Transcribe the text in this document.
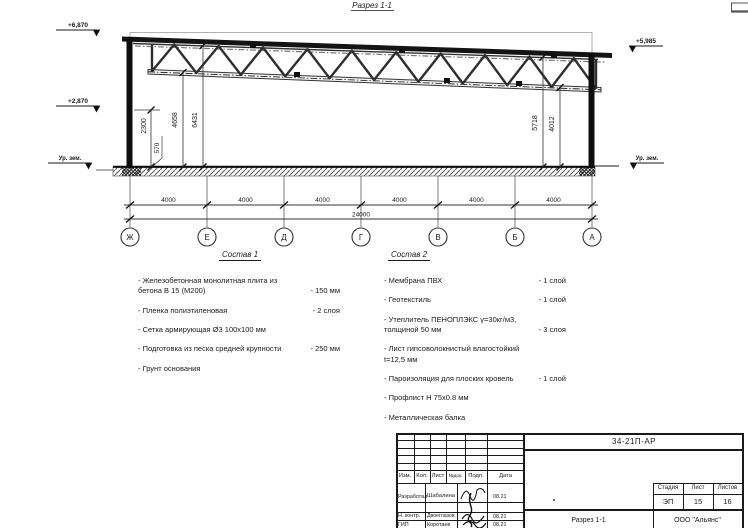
Разрез 1-1
+6,870
+2,870
Ур. зем.
+5,985
Ур. зем.
2300
570
4658 6431	5718 4012
4000	4000	4000	4000	4000	4000
24000
Ж	Е	Д	Г	В	Б	А
Состав 1
- Железобетонная монолитная плита из бетона В 15 (М200)	- 150 мм
- Пленка полиэтиленовая	- 2 слоя
- Сетка армирующая Ø3 100х100 мм
- Подготовка из песка средней крупности	- 250 мм
- Грунт основания
Состав 2
- Мембрана ПВХ	- 1 слой
- Геотекстиль	- 1 слой
- Утеплитель ПЕНОПЛЭКС γ=30кг/м3, толщиной 50 мм	- 3 слоя
- Лист гипсоволокнистый влагостойкий t=12,5 мм
- Пароизоляция для плоских кровель	- 1 слой
- Профлист Н 75х0.8 мм
- Металлическая балка
Изм. Кол. Лист №док. Подп.	Дата
Разработал Шабалина	08.21
Н. контр. Двоеглазов	08.21
ГИП	Коротаев	08.21
34-21П-АР
Стадия	Лист	Листов
ЭП	15	16
Разрез 1-1	ООО "Альянс"
